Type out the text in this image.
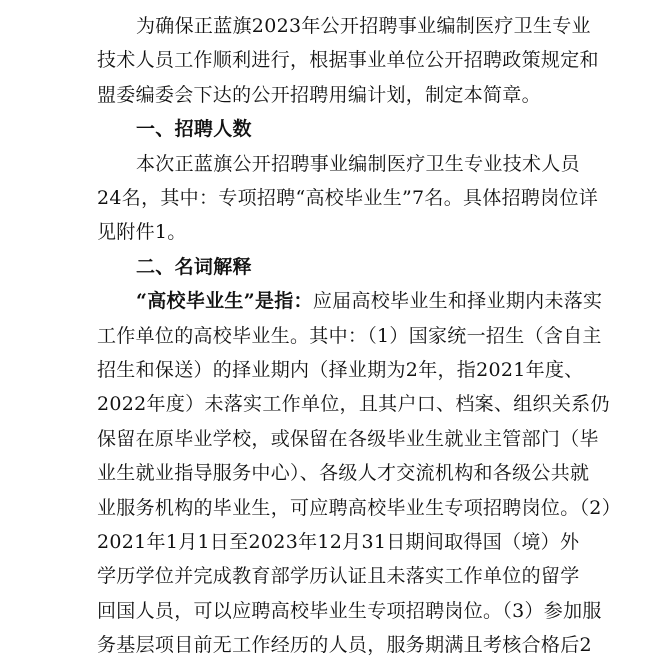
为确保正蓝旗2023年公开招聘事业编制医疗卫生专业
技术人员工作顺利进行，根据事业单位公开招聘政策规定和
盟委编委会下达的公开招聘用编计划，制定本简章。
一、招聘人数
本次正蓝旗公开招聘事业编制医疗卫生专业技术人员
24名，其中：专项招聘“高校毕业生”7名。具体招聘岗位详
见附件1。
二、名词解释
“高校毕业生”是指： 应届高校毕业生和择业期内未落实
工作单位的高校毕业生。其中：（1）国家统一招生（含自主
招生和保送）的择业期内（择业期为2年，指2021年度、
2022年度）未落实工作单位，且其户口、档案、组织关系仍
保留在原毕业学校，或保留在各级毕业生就业主管部门（毕
业生就业指导服务中心）、各级人才交流机构和各级公共就
业服务机构的毕业生，可应聘高校毕业生专项招聘岗位。（2）
2021年1月1日至2023年12月31日期间取得国（境）外
学历学位并完成教育部学历认证且未落实工作单位的留学
回国人员，可以应聘高校毕业生专项招聘岗位。（3）参加服
务基层项目前无工作经历的人员，服务期满且考核合格后2
